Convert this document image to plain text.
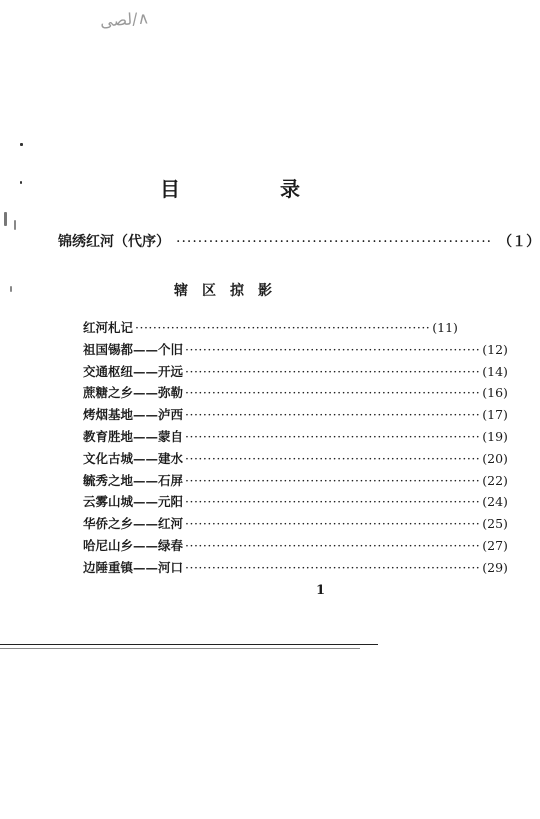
لصى/∧
目　录
锦绣红河（代序） ·························································· （１）
辖区掠影
红河札记 ·································································· (11)
祖国锡都——个旧 ·································································· (12)
交通枢纽——开远 ·································································· (14)
蔗糖之乡——弥勒 ·································································· (16)
烤烟基地——泸西 ·································································· (17)
教育胜地——蒙自 ·································································· (19)
文化古城——建水 ·································································· (20)
毓秀之地——石屏 ·································································· (22)
云雾山城——元阳 ·································································· (24)
华侨之乡——红河 ·································································· (25)
哈尼山乡——绿春 ·································································· (27)
边陲重镇——河口 ·································································· (29)
1
